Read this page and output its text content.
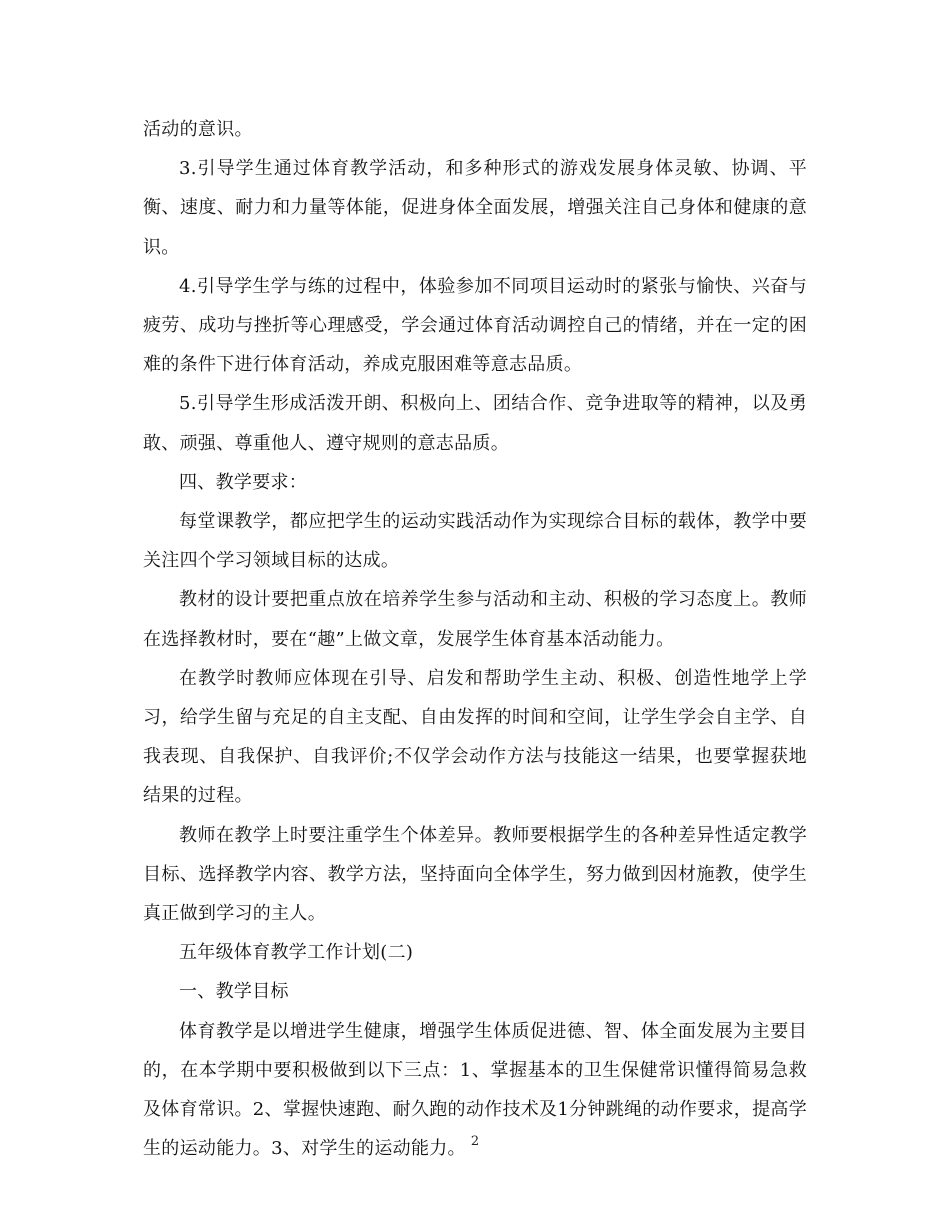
活动的意识。

3.引导学生通过体育教学活动，和多种形式的游戏发展身体灵敏、协调、平衡、速度、耐力和力量等体能，促进身体全面发展，增强关注自己身体和健康的意识。

4.引导学生学与练的过程中，体验参加不同项目运动时的紧张与愉快、兴奋与疲劳、成功与挫折等心理感受，学会通过体育活动调控自己的情绪，并在一定的困难的条件下进行体育活动，养成克服困难等意志品质。

5.引导学生形成活泼开朗、积极向上、团结合作、竞争进取等的精神，以及勇敢、顽强、尊重他人、遵守规则的意志品质。

四、教学要求：

每堂课教学，都应把学生的运动实践活动作为实现综合目标的载体，教学中要关注四个学习领域目标的达成。

教材的设计要把重点放在培养学生参与活动和主动、积极的学习态度上。教师在选择教材时，要在“趣”上做文章，发展学生体育基本活动能力。

在教学时教师应体现在引导、启发和帮助学生主动、积极、创造性地学上学习，给学生留与充足的自主支配、自由发挥的时间和空间，让学生学会自主学、自我表现、自我保护、自我评价;不仅学会动作方法与技能这一结果，也要掌握获地结果的过程。

教师在教学上时要注重学生个体差异。教师要根据学生的各种差异性适定教学目标、选择教学内容、教学方法，坚持面向全体学生，努力做到因材施教，使学生真正做到学习的主人。

五年级体育教学工作计划(二)

一、教学目标

体育教学是以增进学生健康，增强学生体质促进德、智、体全面发展为主要目的，在本学期中要积极做到以下三点：1、掌握基本的卫生保健常识懂得简易急救及体育常识。2、掌握快速跑、耐久跑的动作技术及1分钟跳绳的动作要求，提高学生的运动能力。3、对学生的运动能力。 2
